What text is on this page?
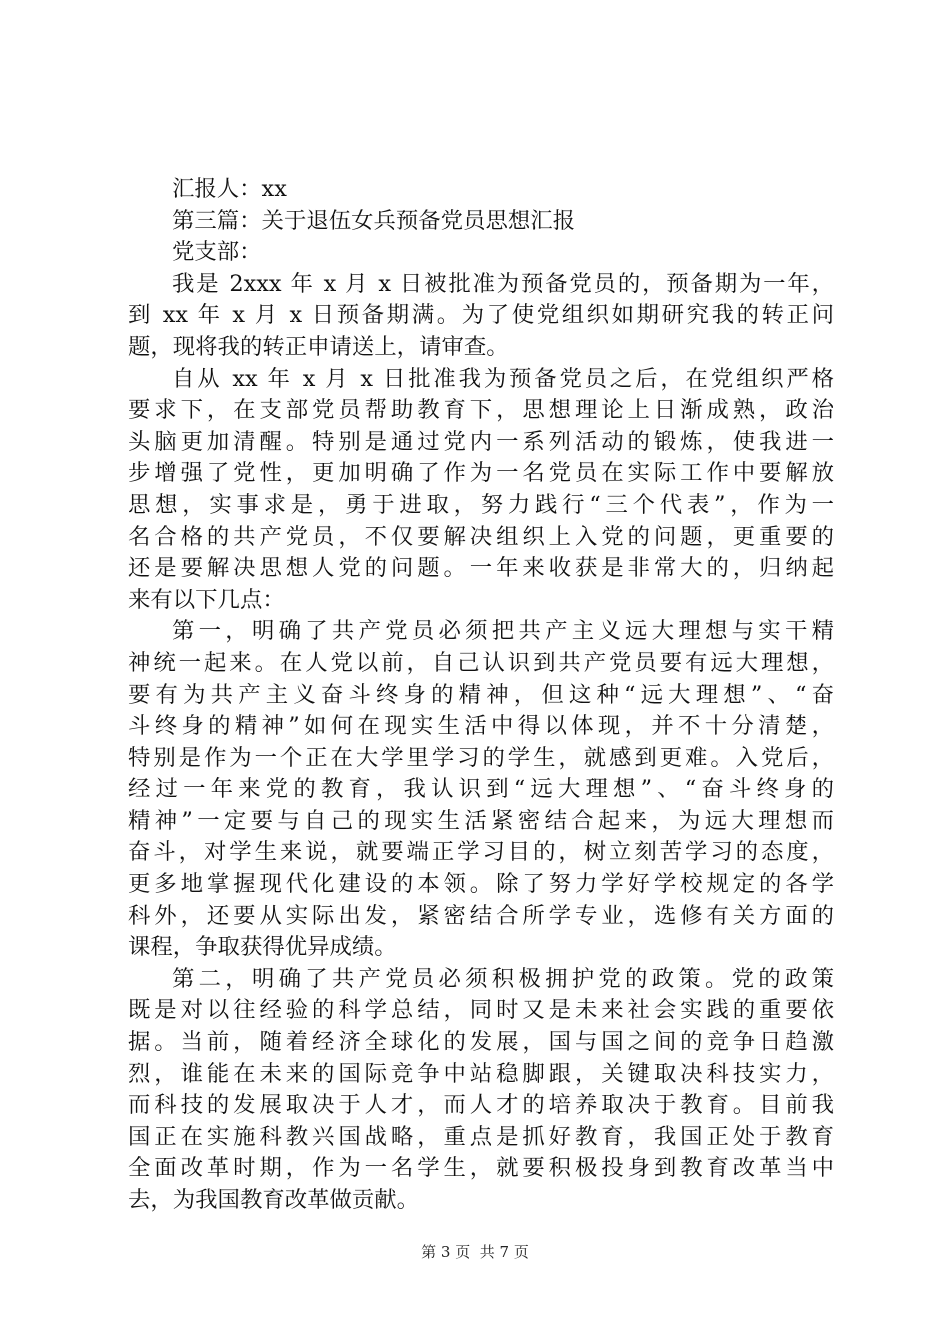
汇报人：xx
第三篇：关于退伍女兵预备党员思想汇报
党支部：
我是 2xxx 年 x 月 x 日被批准为预备党员的，预备期为一年，
到 xx 年 x 月 x 日预备期满。为了使党组织如期研究我的转正问
题，现将我的转正申请送上，请审查。
自从 xx 年 x 月 x 日批准我为预备党员之后，在党组织严格
要求下，在支部党员帮助教育下，思想理论上日渐成熟，政治
头脑更加清醒。特别是通过党内一系列活动的锻炼，使我进一
步增强了党性，更加明确了作为一名党员在实际工作中要解放
思想，实事求是，勇于进取，努力践行“三个代表”，作为一
名合格的共产党员，不仅要解决组织上入党的问题，更重要的
还是要解决思想人党的问题。一年来收获是非常大的，归纳起
来有以下几点：
第一，明确了共产党员必须把共产主义远大理想与实干精
神统一起来。在人党以前，自己认识到共产党员要有远大理想，
要有为共产主义奋斗终身的精神，但这种“远大理想”、“奋
斗终身的精神”如何在现实生活中得以体现，并不十分清楚，
特别是作为一个正在大学里学习的学生，就感到更难。入党后，
经过一年来党的教育，我认识到“远大理想”、“奋斗终身的
精神”一定要与自己的现实生活紧密结合起来，为远大理想而
奋斗，对学生来说，就要端正学习目的，树立刻苦学习的态度，
更多地掌握现代化建设的本领。除了努力学好学校规定的各学
科外，还要从实际出发，紧密结合所学专业，选修有关方面的
课程，争取获得优异成绩。
第二，明确了共产党员必须积极拥护党的政策。党的政策
既是对以往经验的科学总结，同时又是未来社会实践的重要依
据。当前，随着经济全球化的发展，国与国之间的竞争日趋激
烈，谁能在未来的国际竞争中站稳脚跟，关键取决科技实力，
而科技的发展取决于人才，而人才的培养取决于教育。目前我
国正在实施科教兴国战略，重点是抓好教育，我国正处于教育
全面改革时期，作为一名学生，就要积极投身到教育改革当中
去，为我国教育改革做贡献。
第 3 页  共 7 页
